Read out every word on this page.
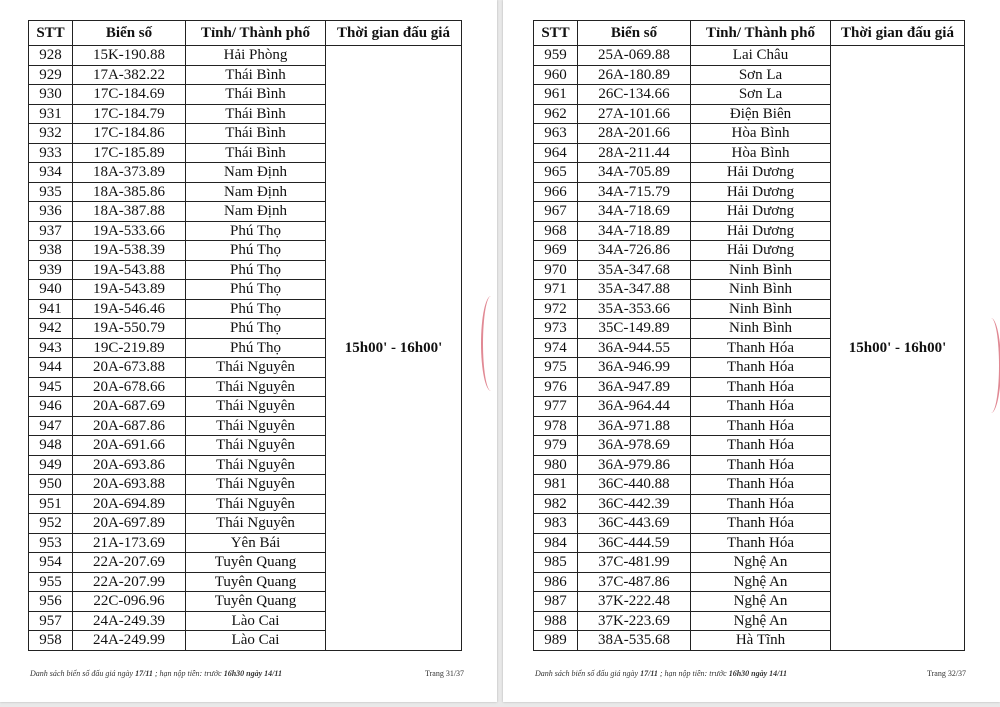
STT	Biển số	Tỉnh/ Thành phố	Thời gian đấu giá
928	15K-190.88	Hải Phòng	15h00' - 16h00'
929	17A-382.22	Thái Bình	
930	17C-184.69	Thái Bình	
931	17C-184.79	Thái Bình	
932	17C-184.86	Thái Bình	
933	17C-185.89	Thái Bình	
934	18A-373.89	Nam Định	
935	18A-385.86	Nam Định	
936	18A-387.88	Nam Định	
937	19A-533.66	Phú Thọ	
938	19A-538.39	Phú Thọ	
939	19A-543.88	Phú Thọ	
940	19A-543.89	Phú Thọ	
941	19A-546.46	Phú Thọ	
942	19A-550.79	Phú Thọ	
943	19C-219.89	Phú Thọ	
944	20A-673.88	Thái Nguyên	
945	20A-678.66	Thái Nguyên	
946	20A-687.69	Thái Nguyên	
947	20A-687.86	Thái Nguyên	
948	20A-691.66	Thái Nguyên	
949	20A-693.86	Thái Nguyên	
950	20A-693.88	Thái Nguyên	
951	20A-694.89	Thái Nguyên	
952	20A-697.89	Thái Nguyên	
953	21A-173.69	Yên Bái	
954	22A-207.69	Tuyên Quang	
955	22A-207.99	Tuyên Quang	
956	22C-096.96	Tuyên Quang	
957	24A-249.39	Lào Cai	
958	24A-249.99	Lào Cai	
Danh sách biển số đấu giá ngày 17/11 ; hạn nộp tiền: trước 16h30 ngày 14/11	Trang 31/37
STT	Biển số	Tỉnh/ Thành phố	Thời gian đấu giá
959	25A-069.88	Lai Châu	15h00' - 16h00'
960	26A-180.89	Sơn La	
961	26C-134.66	Sơn La	
962	27A-101.66	Điện Biên	
963	28A-201.66	Hòa Bình	
964	28A-211.44	Hòa Bình	
965	34A-705.89	Hải Dương	
966	34A-715.79	Hải Dương	
967	34A-718.69	Hải Dương	
968	34A-718.89	Hải Dương	
969	34A-726.86	Hải Dương	
970	35A-347.68	Ninh Bình	
971	35A-347.88	Ninh Bình	
972	35A-353.66	Ninh Bình	
973	35C-149.89	Ninh Bình	
974	36A-944.55	Thanh Hóa	
975	36A-946.99	Thanh Hóa	
976	36A-947.89	Thanh Hóa	
977	36A-964.44	Thanh Hóa	
978	36A-971.88	Thanh Hóa	
979	36A-978.69	Thanh Hóa	
980	36A-979.86	Thanh Hóa	
981	36C-440.88	Thanh Hóa	
982	36C-442.39	Thanh Hóa	
983	36C-443.69	Thanh Hóa	
984	36C-444.59	Thanh Hóa	
985	37C-481.99	Nghệ An	
986	37C-487.86	Nghệ An	
987	37K-222.48	Nghệ An	
988	37K-223.69	Nghệ An	
989	38A-535.68	Hà Tĩnh	
Danh sách biển số đấu giá ngày 17/11 ; hạn nộp tiền: trước 16h30 ngày 14/11	Trang 32/37
